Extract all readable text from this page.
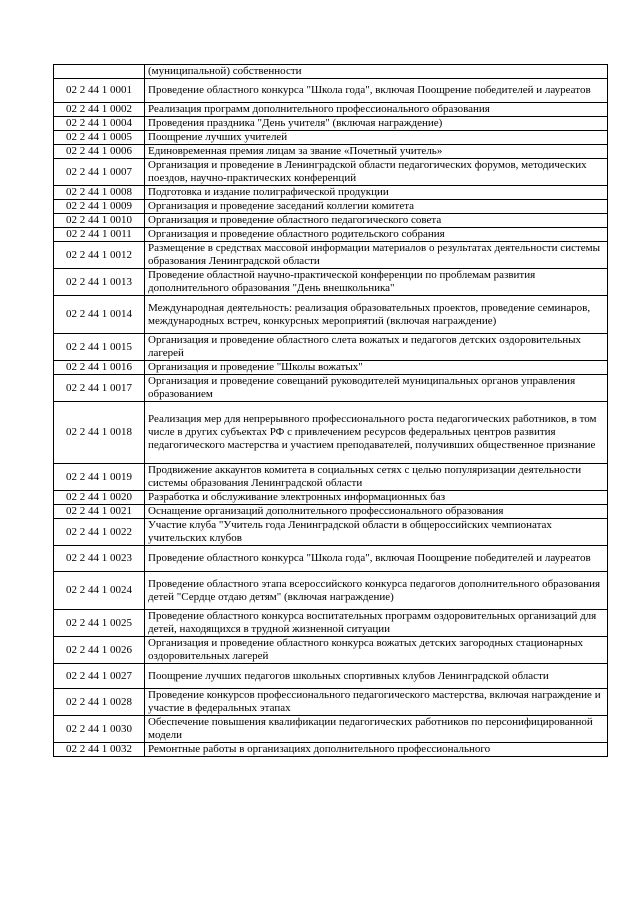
	(муниципальной) собственности
02 2 44 1 0001	Проведение областного конкурса "Школа года", включая Поощрение победителей и лауреатов
02 2 44 1 0002	Реализация программ дополнительного профессионального образования
02 2 44 1 0004	Проведения праздника "День учителя" (включая награждение)
02 2 44 1 0005	Поощрение лучших учителей
02 2 44 1 0006	Единовременная премия лицам за звание «Почетный учитель»
02 2 44 1 0007	Организация и проведение в Ленинградской области педагогических форумов, методических поездов, научно-практических конференций
02 2 44 1 0008	Подготовка и издание полиграфической продукции
02 2 44 1 0009	Организация и проведение заседаний коллегии комитета
02 2 44 1 0010	Организация и проведение областного педагогического совета
02 2 44 1 0011	Организация и проведение областного родительского собрания
02 2 44 1 0012	Размещение в средствах массовой информации материалов о результатах деятельности системы образования Ленинградской области
02 2 44 1 0013	Проведение областной научно-практической конференции по проблемам развития дополнительного образования "День внешкольника"
02 2 44 1 0014	Международная деятельность: реализация образовательных проектов, проведение семинаров, международных встреч, конкурсных мероприятий (включая награждение)
02 2 44 1 0015	Организация и проведение областного слета вожатых и педагогов детских оздоровительных лагерей
02 2 44 1 0016	Организация и проведение "Школы вожатых"
02 2 44 1 0017	Организация и проведение совещаний руководителей муниципальных органов управления образованием
02 2 44 1 0018	Реализация мер для непрерывного профессионального роста педагогических работников, в том числе в других субъектах РФ с привлечением ресурсов федеральных центров развития педагогического мастерства и участием преподавателей, получивших общественное признание
02 2 44 1 0019	Продвижение аккаунтов комитета в социальных сетях с целью популяризации деятельности системы образования Ленинградской области
02 2 44 1 0020	Разработка и обслуживание электронных информационных баз
02 2 44 1 0021	Оснащение организаций дополнительного профессионального образования
02 2 44 1 0022	Участие клуба "Учитель года Ленинградской области в общероссийских чемпионатах учительских клубов
02 2 44 1 0023	Проведение областного конкурса "Школа года", включая Поощрение победителей и лауреатов
02 2 44 1 0024	Проведение областного этапа всероссийского конкурса педагогов дополнительного образования детей "Сердце отдаю детям" (включая награждение)
02 2 44 1 0025	Проведение областного конкурса воспитательных программ оздоровительных организаций для детей, находящихся в трудной жизненной ситуации
02 2 44 1 0026	Организация и проведение областного конкурса вожатых детских загородных стационарных оздоровительных лагерей
02 2 44 1 0027	Поощрение лучших педагогов школьных спортивных клубов Ленинградской области
02 2 44 1 0028	Проведение конкурсов профессионального педагогического мастерства, включая награждение и участие в федеральных этапах
02 2 44 1 0030	Обеспечение повышения квалификации педагогических работников по персонифицированной модели
02 2 44 1 0032	Ремонтные работы в организациях дополнительного профессионального
